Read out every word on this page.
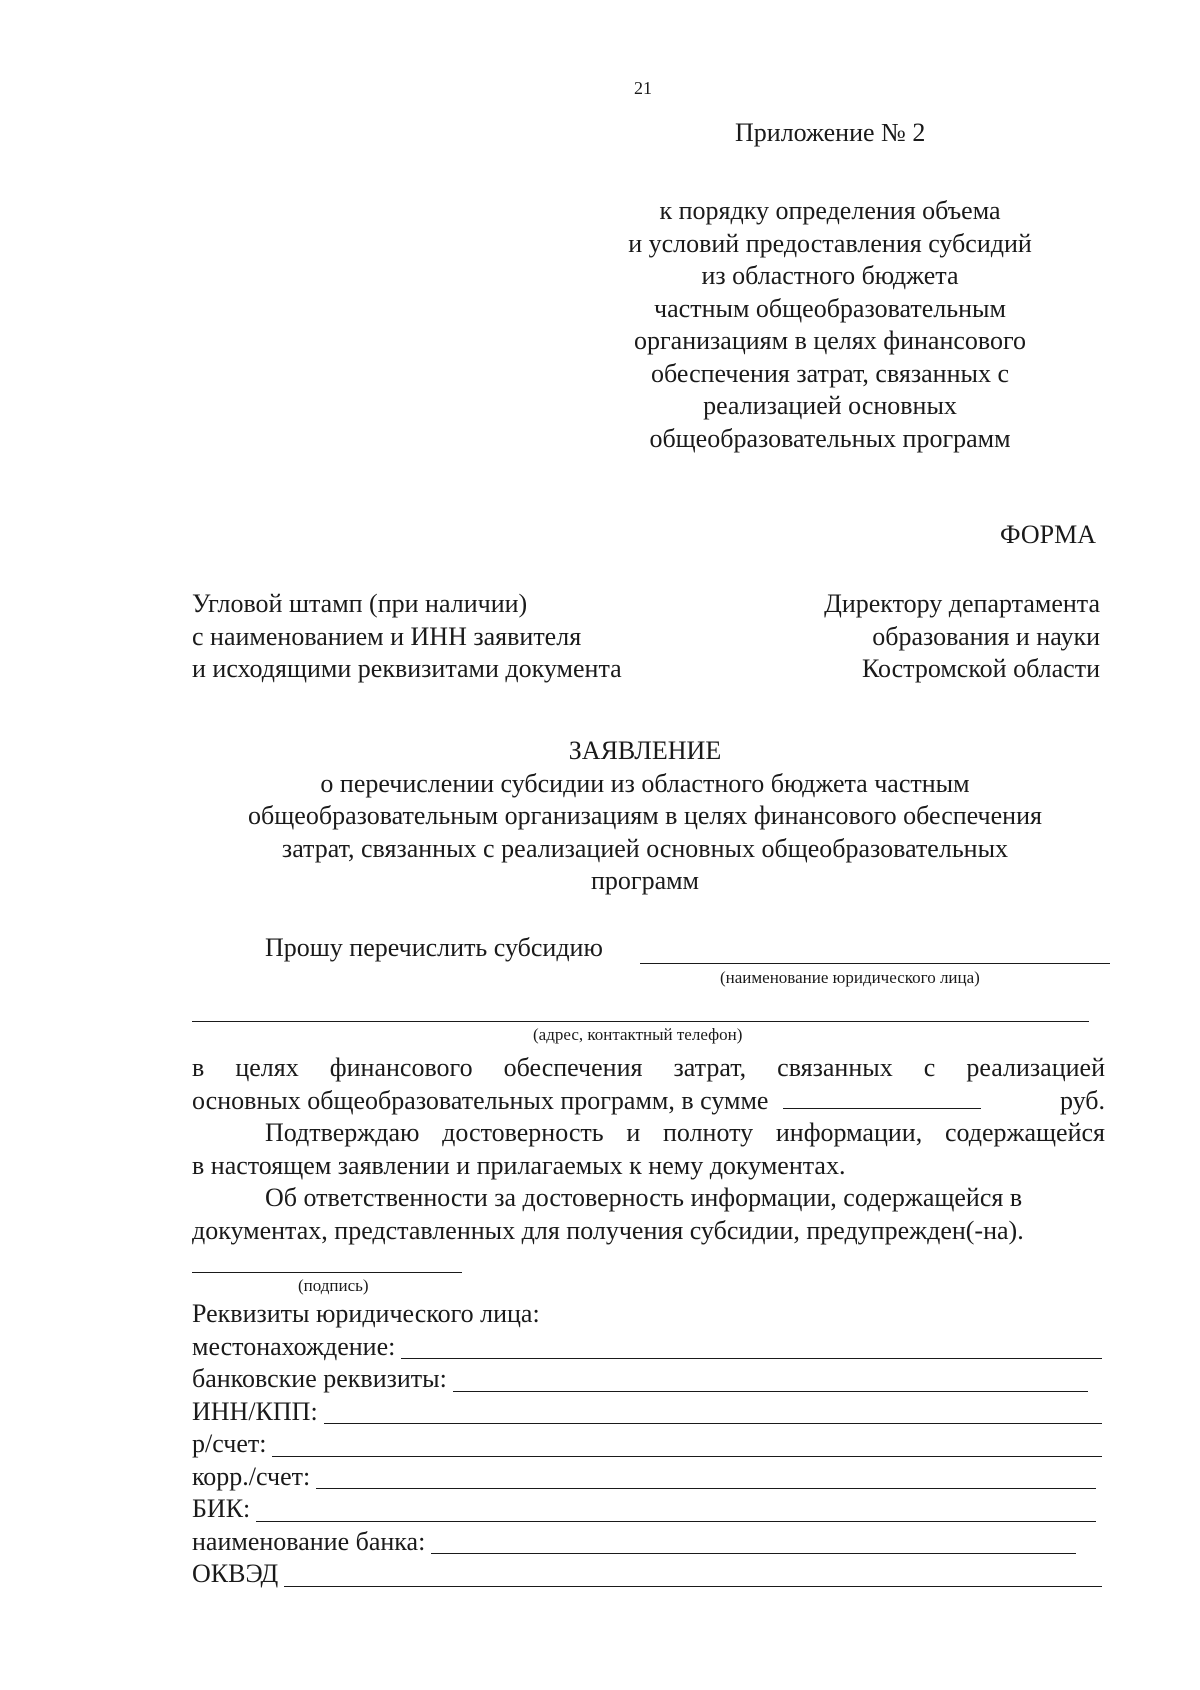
21
Приложение № 2
к порядку определения объема
и условий предоставления субсидий
из областного бюджета
частным общеобразовательным
организациям в целях финансового
обеспечения затрат, связанных с
реализацией основных
общеобразовательных программ
ФОРМА
Угловой штамп (при наличии)
с наименованием и ИНН заявителя
и исходящими реквизитами документа
Директору департамента
образования и науки
Костромской области
ЗАЯВЛЕНИЕ
о перечислении субсидии из областного бюджета частным
общеобразовательным организациям в целях финансового обеспечения
затрат, связанных с реализацией основных общеобразовательных
программ
Прошу перечислить субсидию
(наименование юридического лица)
(адрес, контактный телефон)
в целях финансового обеспечения затрат, связанных с реализацией
основных общеобразовательных программ, в сумме	руб.
Подтверждаю достоверность и полноту информации, содержащейся
в настоящем заявлении и прилагаемых к нему документах.
Об ответственности за достоверность информации, содержащейся в
документах, представленных для получения субсидии, предупрежден(-на).
(подпись)
Реквизиты юридического лица:
местонахождение:
банковские реквизиты:
ИНН/КПП:
р/счет:
корр./счет:
БИК:
наименование банка:
ОКВЭД
